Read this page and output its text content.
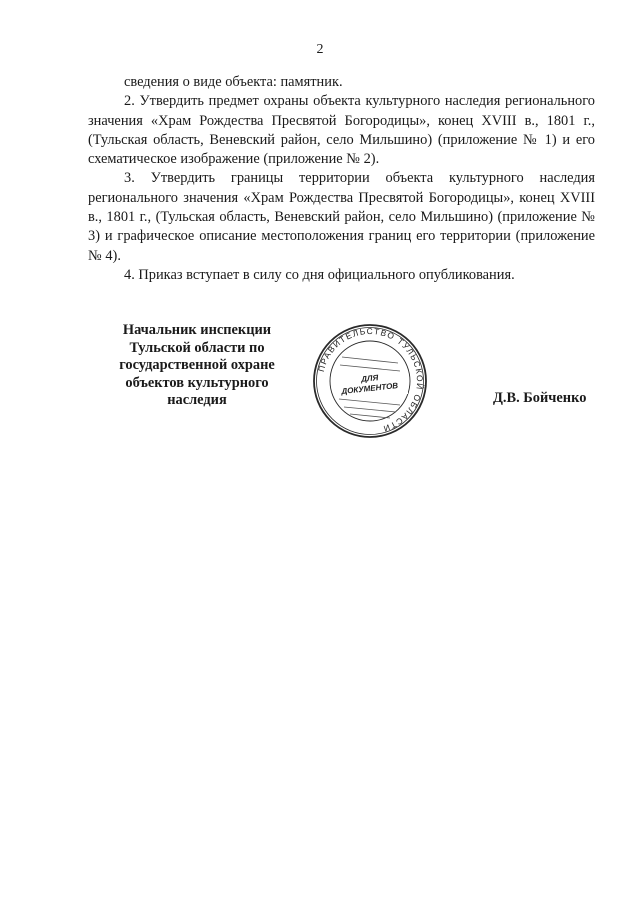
2

сведения о виде объекта: памятник.

2. Утвердить предмет охраны объекта культурного наследия регионального значения «Храм Рождества Пресвятой Богородицы», конец XVIII в., 1801 г., (Тульская область, Веневский район, село Мильшино) (приложение № 1) и его схематическое изображение (приложение № 2).

3. Утвердить границы территории объекта культурного наследия регионального значения «Храм Рождества Пресвятой Богородицы», конец XVIII в., 1801 г., (Тульская область, Веневский район, село Мильшино) (приложение № 3) и графическое описание местоположения границ его территории (приложение № 4).

4. Приказ вступает в силу со дня официального опубликования.

Начальник инспекции
Тульской области по
государственной охране
объектов культурного
наследия
ПРАВИТЕЛЬСТВО ТУЛЬСКОЙ ОБЛАСТИ
ДЛЯ
ДОКУМЕНТОВ
Д.В. Бойченко
